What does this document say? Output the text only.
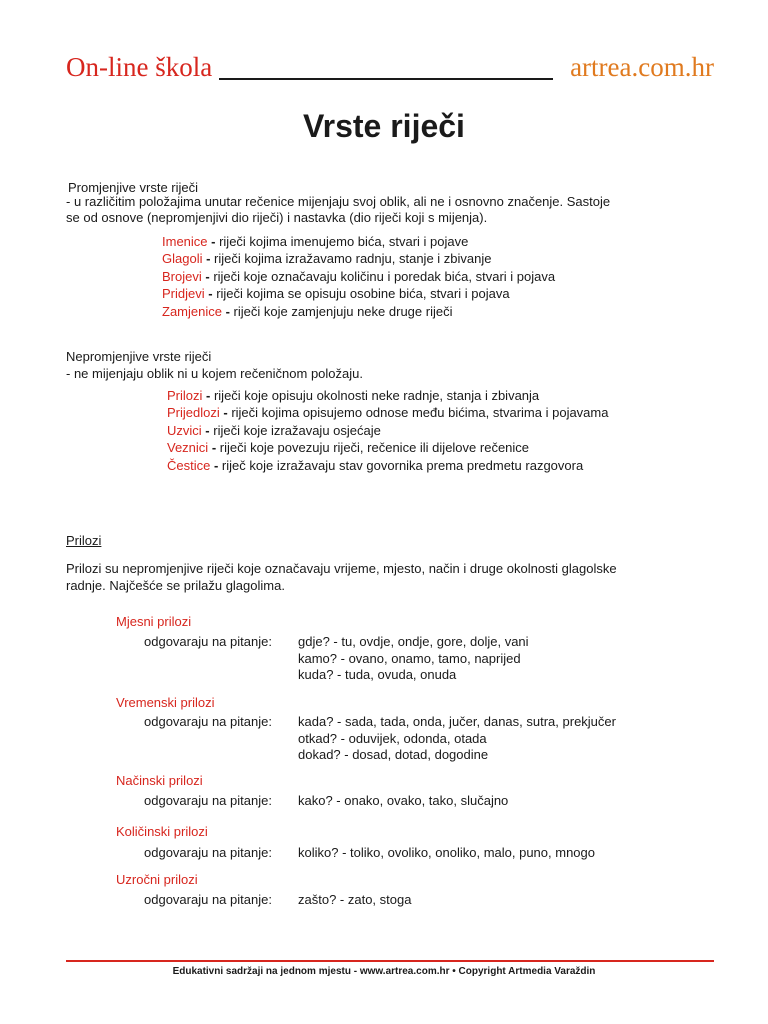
On-line škola	artrea.com.hr
Vrste riječi
Promjenjive vrste riječi
- u različitim položajima unutar rečenice mijenjaju svoj oblik, ali ne i osnovno značenje. Sastoje
se od osnove (nepromjenjivi dio riječi) i nastavka (dio riječi koji s mijenja).
Imenice - riječi kojima imenujemo bića, stvari i pojave
Glagoli - riječi kojima izražavamo radnju, stanje i zbivanje
Brojevi - riječi koje označavaju količinu i poredak bića, stvari i pojava
Pridjevi - riječi kojima se opisuju osobine bića, stvari i pojava
Zamjenice - riječi koje zamjenjuju neke druge riječi
Nepromjenjive vrste riječi
- ne mijenjaju oblik ni u kojem rečeničnom položaju.
Prilozi - riječi koje opisuju okolnosti neke radnje, stanja i zbivanja
Prijedlozi - riječi kojima opisujemo odnose među bićima, stvarima i pojavama
Uzvici - riječi koje izražavaju osjećaje
Veznici - riječi koje povezuju riječi, rečenice ili dijelove rečenice
Čestice - riječ koje izražavaju stav govornika prema predmetu razgovora
Prilozi
Prilozi su nepromjenjive riječi koje označavaju vrijeme, mjesto, način i druge okolnosti glagolske
radnje. Najčešće se prilažu glagolima.
Mjesni prilozi
odgovaraju na pitanje: gdje? - tu, ovdje, ondje, gore, dolje, vani
kamo? - ovano, onamo, tamo, naprijed
kuda? - tuda, ovuda, onuda
Vremenski prilozi
odgovaraju na pitanje: kada? - sada, tada, onda, jučer, danas, sutra, prekjučer
otkad? - oduvijek, odonda, otada
dokad? - dosad, dotad, dogodine
Načinski prilozi
odgovaraju na pitanje: kako? - onako, ovako, tako, slučajno
Količinski prilozi
odgovaraju na pitanje: koliko? - toliko, ovoliko, onoliko, malo, puno, mnogo
Uzročni prilozi
odgovaraju na pitanje: zašto? - zato, stoga
Edukativni sadržaji na jednom mjestu - www.artrea.com.hr • Copyright Artmedia Varaždin
